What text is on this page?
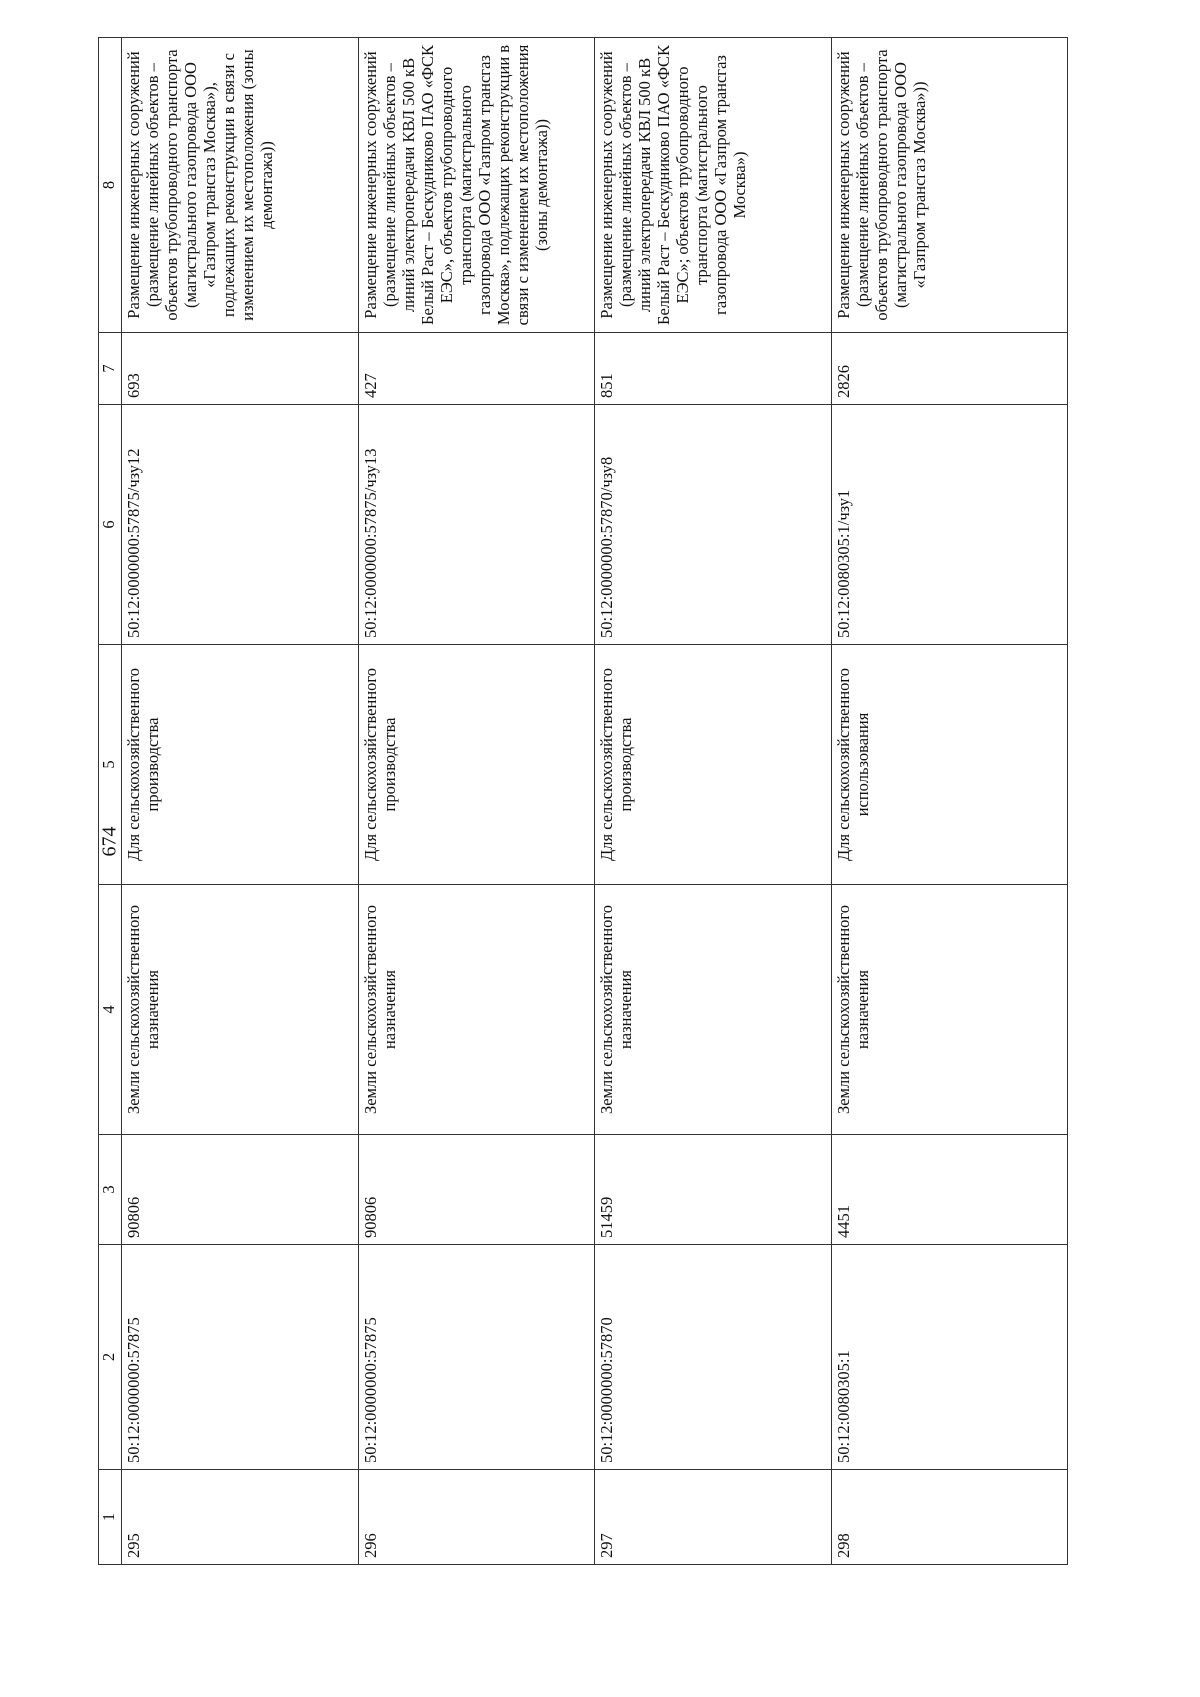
674
1	2	3	4	5	6	7	8
295	50:12:0000000:57875	90806	Земли сельскохозяйственного назначения	Для сельскохозяйственного производства	50:12:0000000:57875/чзу12	693	Размещение инженерных сооружений (размещение линейных объектов – объектов трубопроводного транспорта (магистрального газопровода ООО «Газпром трансгаз Москва»), подлежащих реконструкции в связи с изменением их местоположения (зоны демонтажа))
296	50:12:0000000:57875	90806	Земли сельскохозяйственного назначения	Для сельскохозяйственного производства	50:12:0000000:57875/чзу13	427	Размещение инженерных сооружений (размещение линейных объектов – линий электропередачи КВЛ 500 кВ Белый Раст – Бескудниково ПАО «ФСК ЕЭС», объектов трубопроводного транспорта (магистрального газопровода ООО «Газпром трансгаз Москва», подлежащих реконструкции в связи с изменением их местоположения (зоны демонтажа))
297	50:12:0000000:57870	51459	Земли сельскохозяйственного назначения	Для сельскохозяйственного производства	50:12:0000000:57870/чзу8	851	Размещение инженерных сооружений (размещение линейных объектов – линий электропередачи КВЛ 500 кВ Белый Раст – Бескудниково ПАО «ФСК ЕЭС»; объектов трубопроводного транспорта (магистрального газопровода ООО «Газпром трансгаз Москва»)
298	50:12:0080305:1	4451	Земли сельскохозяйственного назначения	Для сельскохозяйственного использования	50:12:0080305:1/чзу1	2826	Размещение инженерных сооружений (размещение линейных объектов – объектов трубопроводного транспорта (магистрального газопровода ООО «Газпром трансгаз Москва»))
